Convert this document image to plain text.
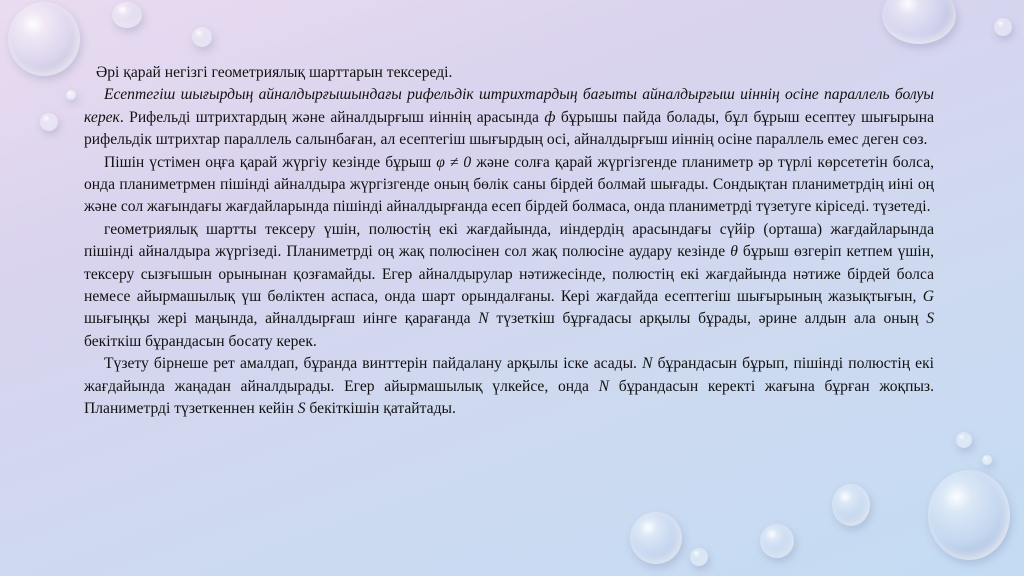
Әрі қарай негізгі геометриялық шарттарын тексереді.

Есептегіш шығырдың айналдырғышындағы рифельдік штрихтардың бағыты айналдырғыш иіннің осіне параллель болуы керек. Рифельді штрихтардың және айналдырғыш иіннің арасында ф бұрышы пайда болады, бұл бұрыш есептеу шығырына рифельдік штрихтар параллель салынбаған, ал есептегіш шығырдың осі, айналдырғыш иіннің осіне параллель емес деген сөз.

Пішін үстімен оңға қарай жүргіу кезінде бұрыш φ ≠ 0 және солға қарай жүргізгенде планиметр әр түрлі көрсететін болса, онда планиметрмен пішінді айналдыра жүргізгенде оның бөлік саны бірдей болмай шығады. Сондықтан планиметрдің иіні оң және сол жағындағы жағдайларында пішінді айналдырғанда есеп бірдей болмаса, онда планиметрді түзетуге кіріседі. түзетеді.

геометриялық шартты тексеру үшін, полюстің екі жағдайында, иіндердің арасындағы сүйір (орташа) жағдайларында пішінді айналдыра жүргізеді. Планиметрді оң жақ полюсінен сол жақ полюсіне аудару кезінде θ бұрыш өзгеріп кетпем үшін, тексеру сызғышын орынынан қозғамайды. Егер айналдырулар нәтижесінде, полюстің екі жағдайында нәтиже бірдей болса немесе айырмашылық үш бөліктен аспаса, онда шарт орындалғаны. Кері жағдайда есептегіш шығырының жазықтығын, G шығыңқы жері маңында, айналдырғаш иінге қарағанда N түзеткіш бұрғадасы арқылы бұрады, әрине алдын ала оның S бекіткіш бұрандасын босату керек.

Түзету бірнеше рет амалдап, бұранда винттерін пайдалану арқылы іске асады. N бұрандасын бұрып, пішінді полюстің екі жағдайында жаңадан айналдырады. Егер айырмашылық үлкейсе, онда N бұрандасын керекті жағына бұрған жоқпыз. Планиметрді түзеткеннен кейін S бекіткішін қатайтады.
